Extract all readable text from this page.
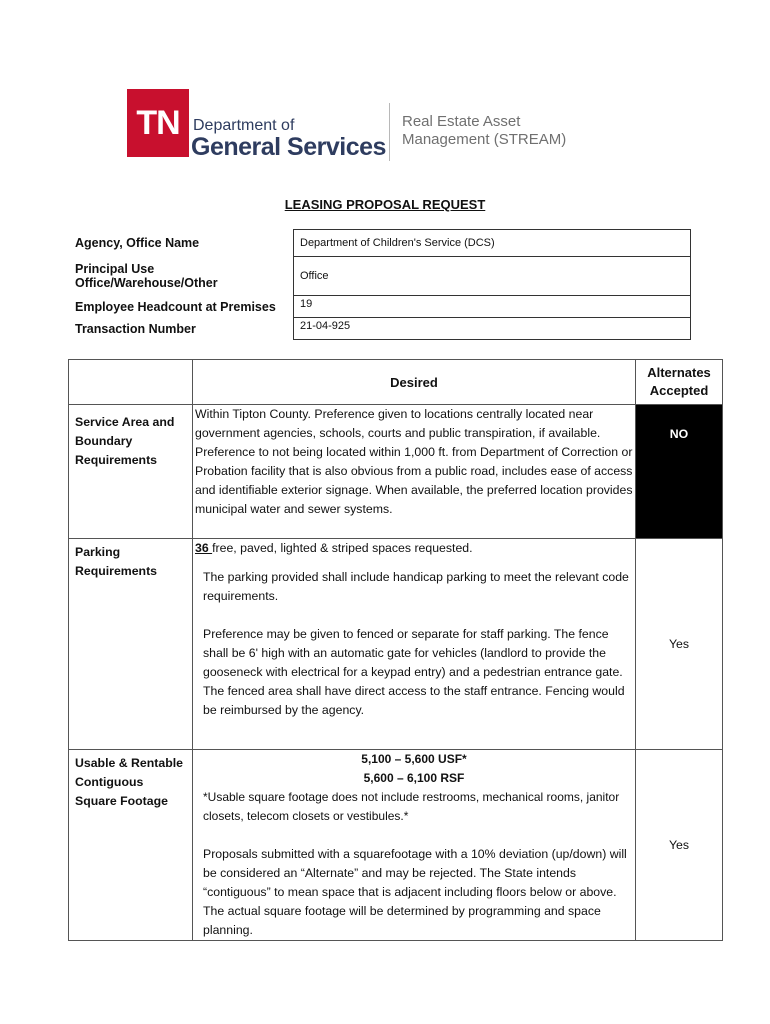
TN Department of
General Services
Real Estate Asset
Management (STREAM)
LEASING PROPOSAL REQUEST
Agency, Office Name	Department of Children's Service (DCS)
Principal Use Office/Warehouse/Other	Office
Employee Headcount at Premises	19
Transaction Number	21-04-925
	Desired	Alternates Accepted
Service Area and Boundary Requirements	Within Tipton County. Preference given to locations centrally located near government agencies, schools, courts and public transpiration, if available. Preference to not being located within 1,000 ft. from Department of Correction or Probation facility that is also obvious from a public road, includes ease of access and identifiable exterior signage. When available, the preferred location provides municipal water and sewer systems.	NO
Parking Requirements	36 free, paved, lighted & striped spaces requested.

The parking provided shall include handicap parking to meet the relevant code requirements.

Preference may be given to fenced or separate for staff parking. The fence shall be 6' high with an automatic gate for vehicles (landlord to provide the gooseneck with electrical for a keypad entry) and a pedestrian entrance gate. The fenced area shall have direct access to the staff entrance. Fencing would be reimbursed by the agency.	Yes
Usable & Rentable Contiguous Square Footage	5,100 – 5,600 USF*

5,600 – 6,100 RSF

*Usable square footage does not include restrooms, mechanical rooms, janitor closets, telecom closets or vestibules.*

Proposals submitted with a squarefootage with a 10% deviation (up/down) will be considered an “Alternate” and may be rejected. The State intends “contiguous” to mean space that is adjacent including floors below or above. The actual square footage will be determined by programming and space planning.	Yes
